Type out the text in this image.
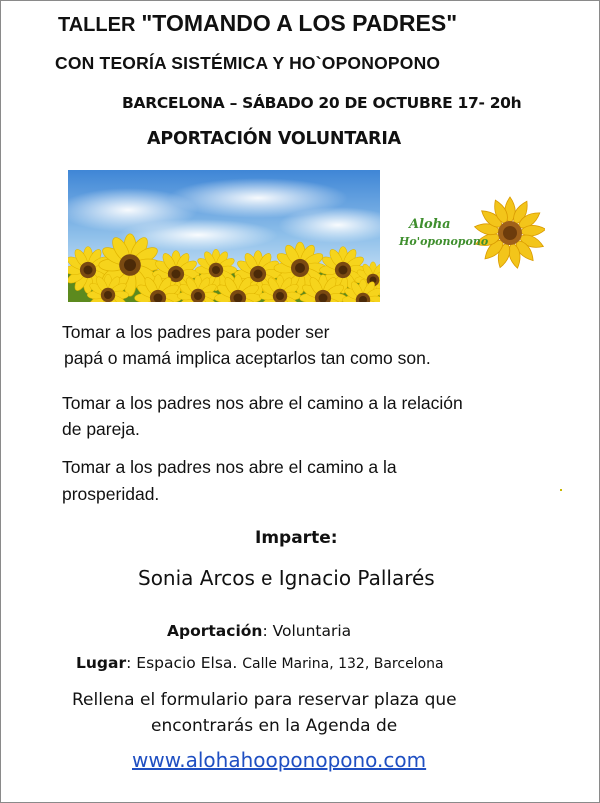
TALLER "TOMANDO A LOS PADRES"
CON TEORÍA SISTÉMICA Y HO`OPONOPONO
BARCELONA – SÁBADO 20 DE OCTUBRE 17- 20h
APORTACIÓN VOLUNTARIA
Aloha
Ho'oponopono
Tomar a los padres para poder ser
papá o mamá implica aceptarlos tan como son.
Tomar a los padres nos abre el camino a la relación
de pareja.
Tomar a los padres nos abre el camino a la
prosperidad.
Imparte:
Sonia Arcos e Ignacio Pallarés
Aportación: Voluntaria
Lugar: Espacio Elsa. Calle Marina, 132, Barcelona
Rellena el formulario para reservar plaza que
encontrarás en la Agenda de
www.alohahooponopono.com
